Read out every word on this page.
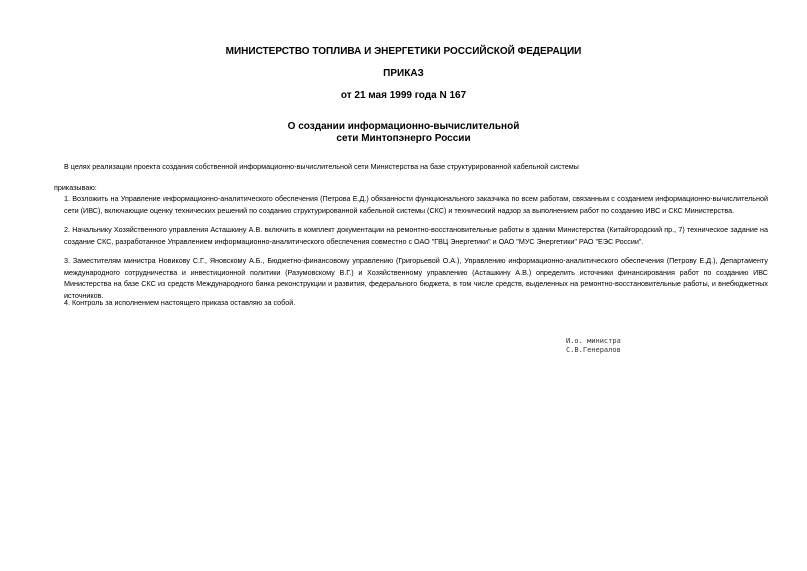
МИНИСТЕРСТВО ТОПЛИВА И ЭНЕРГЕТИКИ РОССИЙСКОЙ ФЕДЕРАЦИИ
ПРИКАЗ
от 21 мая 1999 года N 167
О создании информационно-вычислительной
сети Минтопэнерго России
В целях реализации проекта создания собственной информационно-вычислительной сети Министерства на базе структурированной кабельной системы
приказываю:
1. Возложить на Управление информационно-аналитического обеспечения (Петрова Е.Д.) обязанности функционального заказчика по всем работам, связанным с созданием информационно-вычислительной сети (ИВС), включающие оценку технических решений по созданию структурированной кабельной системы (СКС) и технический надзор за выполнением работ по созданию ИВС и СКС Министерства.
2. Начальнику Хозяйственного управления Асташкину А.В. включить в комплект документации на ремонтно-восстановительные работы в здании Министерства (Китайгородский пр., 7) техническое задание на создание СКС, разработанное Управлением информационно-аналитического обеспечения совместно с ОАО "ГВЦ Энергетики" и ОАО "МУС Энергетики" РАО "ЕЭС России".
3. Заместителям министра Новикову С.Г., Яновскому А.Б., Бюджетно-финансовому управлению (Григорьевой О.А.), Управлению информационно-аналитического обеспечения (Петрову Е.Д.), Департаменту международного сотрудничества и инвестиционной политики (Разумовскому В.Г.) и Хозяйственному управлению (Асташкину А.В.) определить источники финансирования работ по созданию ИВС Министерства на базе СКС из средств Международного банка реконструкции и развития, федерального бюджета, в том числе средств, выделенных на ремонтно-восстановительные работы, и внебюджетных источников.
4. Контроль за исполнением настоящего приказа оставляю за собой.
И.о. министра
С.В.Генералов
